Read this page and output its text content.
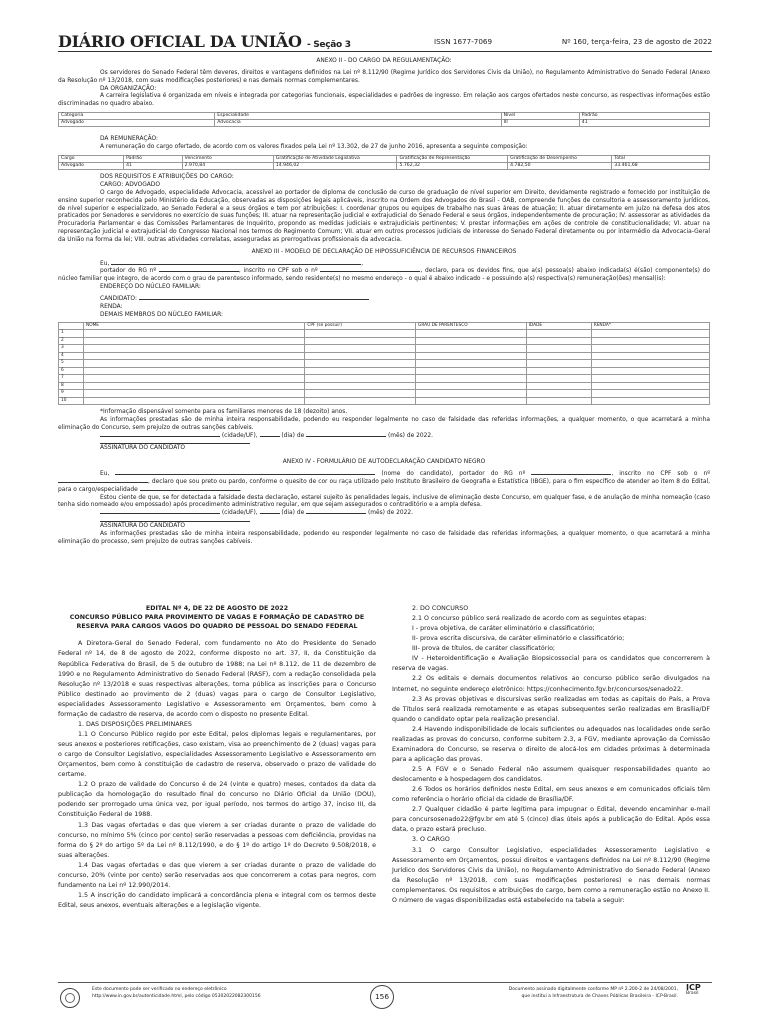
DIÁRIO OFICIAL DA UNIÃO - Seção 3	ISSN 1677-7069	Nº 160, terça-feira, 23 de agosto de 2022
ANEXO II - DO CARGO DA REGULAMENTAÇÃO:

Os servidores do Senado Federal têm deveres, direitos e vantagens definidos na Lei nº 8.112/90 (Regime Jurídico dos Servidores Civis da União), no Regulamento Administrativo do Senado Federal (Anexo da Resolução nº 13/2018, com suas modificações posteriores) e nas demais normas complementares.

DA ORGANIZAÇÃO:

A carreira legislativa é organizada em níveis e integrada por categorias funcionais, especialidades e padrões de ingresso. Em relação aos cargos ofertados neste concurso, as respectivas informações estão discriminadas no quadro abaixo.

Categoria	Especialidade	Nível	Padrão
Advogado	Advocacia	III	41

DA REMUNERAÇÃO:

A remuneração do cargo ofertado, de acordo com os valores fixados pela Lei nº 13.302, de 27 de junho 2016, apresenta a seguinte composição:

Cargo	Padrão	Vencimento	Gratificação de Atividade Legislativa	Gratificação de Representação	Gratificação de Desempenho	Total
Advogado	41	2.970,84	14.946,02	5.762,32	4.782,50	33.461,68

DOS REQUISITOS E ATRIBUIÇÕES DO CARGO:

CARGO: ADVOGADO

O cargo de Advogado, especialidade Advocacia, acessível ao portador de diploma de conclusão de curso de graduação de nível superior em Direito, devidamente registrado e fornecido por instituição de ensino superior reconhecida pelo Ministério da Educação, observadas as disposições legais aplicáveis, inscrito na Ordem dos Advogados do Brasil - OAB, compreende funções de consultoria e assessoramento jurídicos, de nível superior e especializado, ao Senado Federal e a seus órgãos e tem por atribuições: I. coordenar grupos ou equipes de trabalho nas suas áreas de atuação; II. atuar diretamente em juízo na defesa dos atos praticados por Senadores e servidores no exercício de suas funções; III. atuar na representação judicial e extrajudicial do Senado Federal e seus órgãos, independentemente de procuração; IV. assessorar as atividades da Procuradoria Parlamentar e das Comissões Parlamentares de Inquérito, propondo as medidas judiciais e extrajudiciais pertinentes; V. prestar informações em ações de controle de constitucionalidade; VI. atuar na representação judicial e extrajudicial do Congresso Nacional nos termos do Regimento Comum; VII. atuar em outros processos judiciais de interesse do Senado Federal diretamente ou por intermédio da Advocacia-Geral da União na forma da lei; VIII. outras atividades correlatas, asseguradas as prerrogativas profissionais da advocacia.

ANEXO III - MODELO DE DECLARAÇÃO DE HIPOSSUFICIÊNCIA DE RECURSOS FINANCEIROS

Eu,	,

portador do RG nº	, inscrito no CPF sob o nº	, declaro, para os devidos fins, que a(s) pessoa(s) abaixo indicada(s) é(são) componente(s) do núcleo familiar que integro, de acordo com o grau de parentesco informado, sendo residente(s) no mesmo endereço - o qual é abaixo indicado - e possuindo a(s) respectiva(s) remuneração(ões) mensal(is):

ENDEREÇO DO NÚCLEO FAMILIAR:

CANDIDATO:

RENDA:

DEMAIS MEMBROS DO NÚCLEO FAMILIAR:

	NOME	CPF (se possuir)	GRAU DE PARENTESCO	IDADE	RENDA*
1					
2					
3					
4					
5					
6					
7					
8					
9					
10					

*Informação dispensável somente para os familiares menores de 18 (dezoito) anos.

As informações prestadas são de minha inteira responsabilidade, podendo eu responder legalmente no caso de falsidade das referidas informações, a qualquer momento, o que acarretará a minha eliminação do Concurso, sem prejuízo de outras sanções cabíveis.

(cidade/UF),	(dia) de	(mês) de 2022.

ASSINATURA DO CANDIDATO

ANEXO IV - FORMULÁRIO DE AUTODECLARAÇÃO CANDIDATO NEGRO

Eu,	(nome do candidato), portador do RG nº	, inscrito no CPF sob o nº , declaro que sou preto ou pardo, conforme o quesito de cor ou raça utilizado pelo Instituto Brasileiro de Geografia e Estatística (IBGE), para o fim específico de atender ao item 8 do Edital, para o cargo/especialidade	.

Estou ciente de que, se for detectada a falsidade desta declaração, estarei sujeito às penalidades legais, inclusive de eliminação deste Concurso, em qualquer fase, e de anulação de minha nomeação (caso tenha sido nomeado e/ou empossado) após procedimento administrativo regular, em que sejam assegurados o contraditório e a ampla defesa.

(cidade/UF),	(dia) de	(mês) de 2022.

ASSINATURA DO CANDIDATO

As informações prestadas são de minha inteira responsabilidade, podendo eu responder legalmente no caso de falsidade das referidas informações, a qualquer momento, o que acarretará a minha eliminação do processo, sem prejuízo de outras sanções cabíveis.

EDITAL Nº 4, DE 22 DE AGOSTO DE 2022
CONCURSO PÚBLICO PARA PROVIMENTO DE VAGAS E FORMAÇÃO DE CADASTRO DE
RESERVA PARA CARGOS VAGOS DO QUADRO DE PESSOAL DO SENADO FEDERAL

A Diretora-Geral do Senado Federal, com fundamento no Ato do Presidente do Senado Federal nº 14, de 8 de agosto de 2022, conforme disposto no art. 37, II, da Constituição da República Federativa do Brasil, de 5 de outubro de 1988; na Lei nº 8.112, de 11 de dezembro de 1990 e no Regulamento Administrativo do Senado Federal (RASF), com a redação consolidada pela Resolução nº 13/2018 e suas respectivas alterações, torna pública as inscrições para o Concurso Público destinado ao provimento de 2 (duas) vagas para o cargo de Consultor Legislativo, especialidades Assessoramento Legislativo e Assessoramento em Orçamentos, bem como à formação de cadastro de reserva, de acordo com o disposto no presente Edital.

1. DAS DISPOSIÇÕES PRELIMINARES

1.1 O Concurso Público regido por este Edital, pelos diplomas legais e regulamentares, por seus anexos e posteriores retificações, caso existam, visa ao preenchimento de 2 (duas) vagas para o cargo de Consultor Legislativo, especialidades Assessoramento Legislativo e Assessoramento em Orçamentos, bem como à constituição de cadastro de reserva, observado o prazo de validade do certame.

1.2 O prazo de validade do Concurso é de 24 (vinte e quatro) meses, contados da data da publicação da homologação do resultado final do concurso no Diário Oficial da União (DOU), podendo ser prorrogado uma única vez, por igual período, nos termos do artigo 37, inciso III, da Constituição Federal de 1988.

1.3 Das vagas ofertadas e das que vierem a ser criadas durante o prazo de validade do concurso, no mínimo 5% (cinco por cento) serão reservadas a pessoas com deficiência, providas na forma do § 2º do artigo 5º da Lei nº 8.112/1990, e do § 1º do artigo 1º do Decreto 9.508/2018, e suas alterações.

1.4 Das vagas ofertadas e das que vierem a ser criadas durante o prazo de validade do concurso, 20% (vinte por cento) serão reservadas aos que concorrerem a cotas para negros, com fundamento na Lei nº 12.990/2014.

1.5 A inscrição do candidato implicará a concordância plena e integral com os termos deste Edital, seus anexos, eventuais alterações e a legislação vigente.

2. DO CONCURSO

2.1 O concurso público será realizado de acordo com as seguintes etapas:

I - prova objetiva, de caráter eliminatório e classificatório;

II- prova escrita discursiva, de caráter eliminatório e classificatório;

III- prova de títulos, de caráter classificatório;

IV - Heteroidentificação e Avaliação Biopsicossocial para os candidatos que concorrerem à reserva de vagas.

2.2 Os editais e demais documentos relativos ao concurso público serão divulgados na Internet, no seguinte endereço eletrônico: https://conhecimento.fgv.br/concursos/senado22.

2.3 As provas objetivas e discursivas serão realizadas em todas as capitais do País, a Prova de Títulos será realizada remotamente e as etapas subsequentes serão realizadas em Brasília/DF quando o candidato optar pela realização presencial.

2.4 Havendo indisponibilidade de locais suficientes ou adequados nas localidades onde serão realizadas as provas do concurso, conforme subitem 2.3, a FGV, mediante aprovação da Comissão Examinadora do Concurso, se reserva o direito de alocá-los em cidades próximas à determinada para a aplicação das provas.

2.5 A FGV e o Senado Federal não assumem quaisquer responsabilidades quanto ao deslocamento e à hospedagem dos candidatos.

2.6 Todos os horários definidos neste Edital, em seus anexos e em comunicados oficiais têm como referência o horário oficial da cidade de Brasília/DF.

2.7 Qualquer cidadão é parte legítima para impugnar o Edital, devendo encaminhar e-mail para concursosenado22@fgv.br em até 5 (cinco) dias úteis após a publicação do Edital. Após essa data, o prazo estará precluso.

3. O CARGO

3.1 O cargo Consultor Legislativo, especialidades Assessoramento Legislativo e Assessoramento em Orçamentos, possui direitos e vantagens definidos na Lei nº 8.112/90 (Regime Jurídico dos Servidores Civis da União), no Regulamento Administrativo do Senado Federal (Anexo da Resolução nº 13/2018, com suas modificações posteriores) e nas demais normas complementares. Os requisitos e atribuições do cargo, bem como a remuneração estão no Anexo II. O número de vagas disponibilizadas está estabelecido na tabela a seguir:

Este documento pode ser verificado no endereço eletrônico
http://www.in.gov.br/autenticidade.html, pelo código 05302022082300156	156
Documento assinado digitalmente conforme MP nº 2.200-2 de 24/08/2001,
que institui a Infraestrutura de Chaves Públicas Brasileira - ICP-Brasil.
ICP
Brasil
